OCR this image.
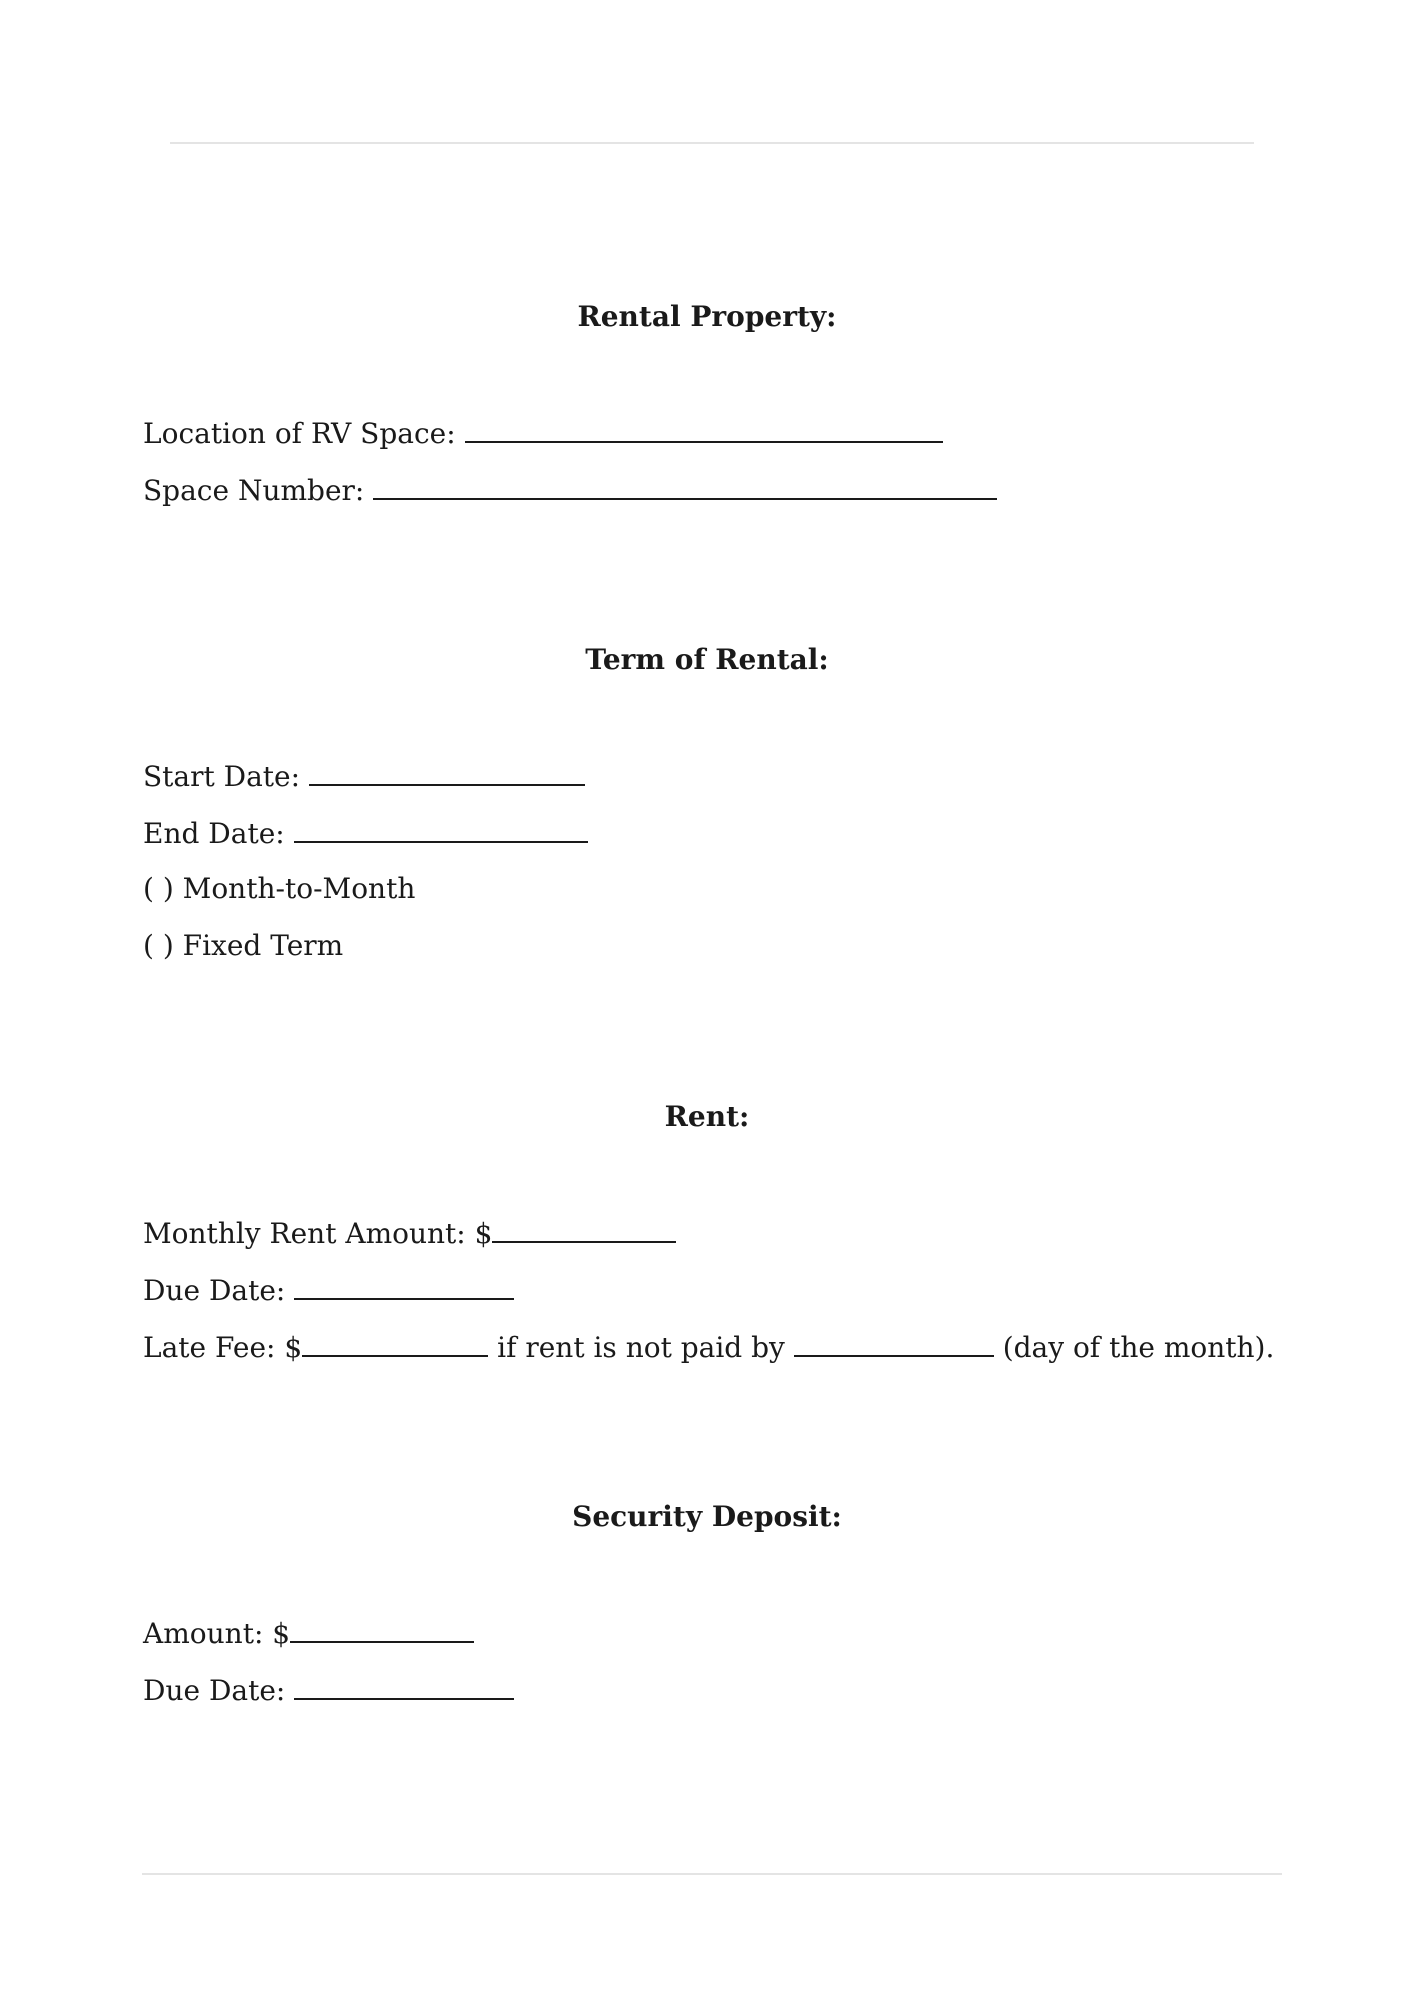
Rental Property:

Location of RV Space:

Space Number:

Term of Rental:

Start Date:

End Date:

( ) Month-to-Month

( ) Fixed Term

Rent:

Monthly Rent Amount: $

Due Date:

Late Fee: $	if rent is not paid by	(day of the month).

Security Deposit:

Amount: $

Due Date:
